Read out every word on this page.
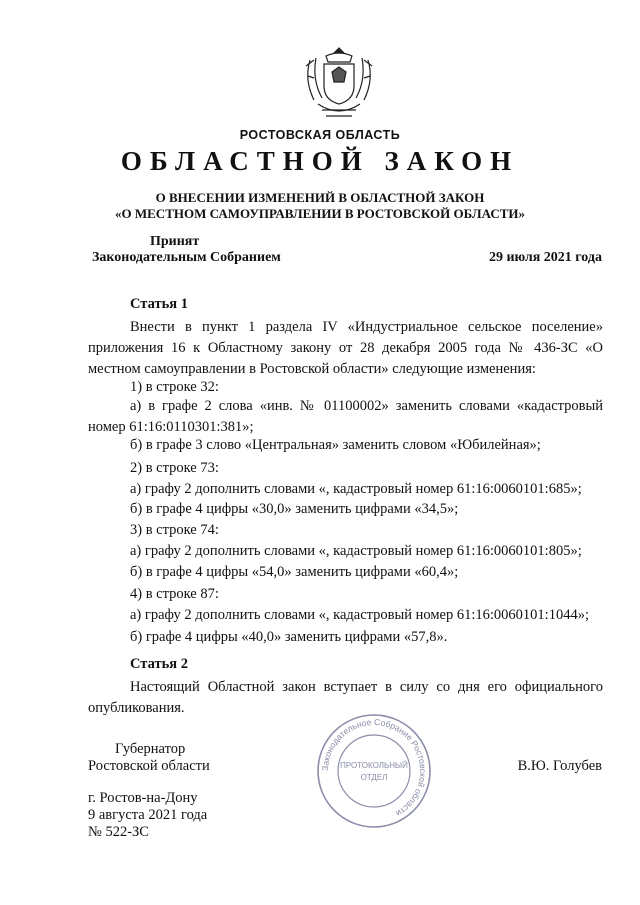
РОСТОВСКАЯ ОБЛАСТЬ
ОБЛАСТНОЙ ЗАКОН
О ВНЕСЕНИИ ИЗМЕНЕНИЙ В ОБЛАСТНОЙ ЗАКОН
«О МЕСТНОМ САМОУПРАВЛЕНИИ В РОСТОВСКОЙ ОБЛАСТИ»
Принят
Законодательным Собранием	29 июля 2021 года
Статья 1
Внести в пункт 1 раздела IV «Индустриальное сельское поселение» приложения 16 к Областному закону от 28 декабря 2005 года № 436-ЗС «О местном самоуправлении в Ростовской области» следующие изменения:
1) в строке 32:
а) в графе 2 слова «инв. № 01100002» заменить словами «кадастровый номер 61:16:0110301:381»;
б) в графе 3 слово «Центральная» заменить словом «Юбилейная»;
2) в строке 73:
а) графу 2 дополнить словами «, кадастровый номер 61:16:0060101:685»;
б) в графе 4 цифры «30,0» заменить цифрами «34,5»;
3) в строке 74:
а) графу 2 дополнить словами «, кадастровый номер 61:16:0060101:805»;
б) в графе 4 цифры «54,0» заменить цифрами «60,4»;
4) в строке 87:
а) графу 2 дополнить словами «, кадастровый номер 61:16:0060101:1044»;
б) графе 4 цифры «40,0» заменить цифрами «57,8».
Статья 2
Настоящий Областной закон вступает в силу со дня его официального опубликования.
Губернатор
Ростовской области	В.Ю. Голубев
Законодательное Собрание Ростовской области
ПРОТОКОЛЬНЫЙ
ОТДЕЛ
г. Ростов-на-Дону
9 августа 2021 года
№ 522-ЗС
